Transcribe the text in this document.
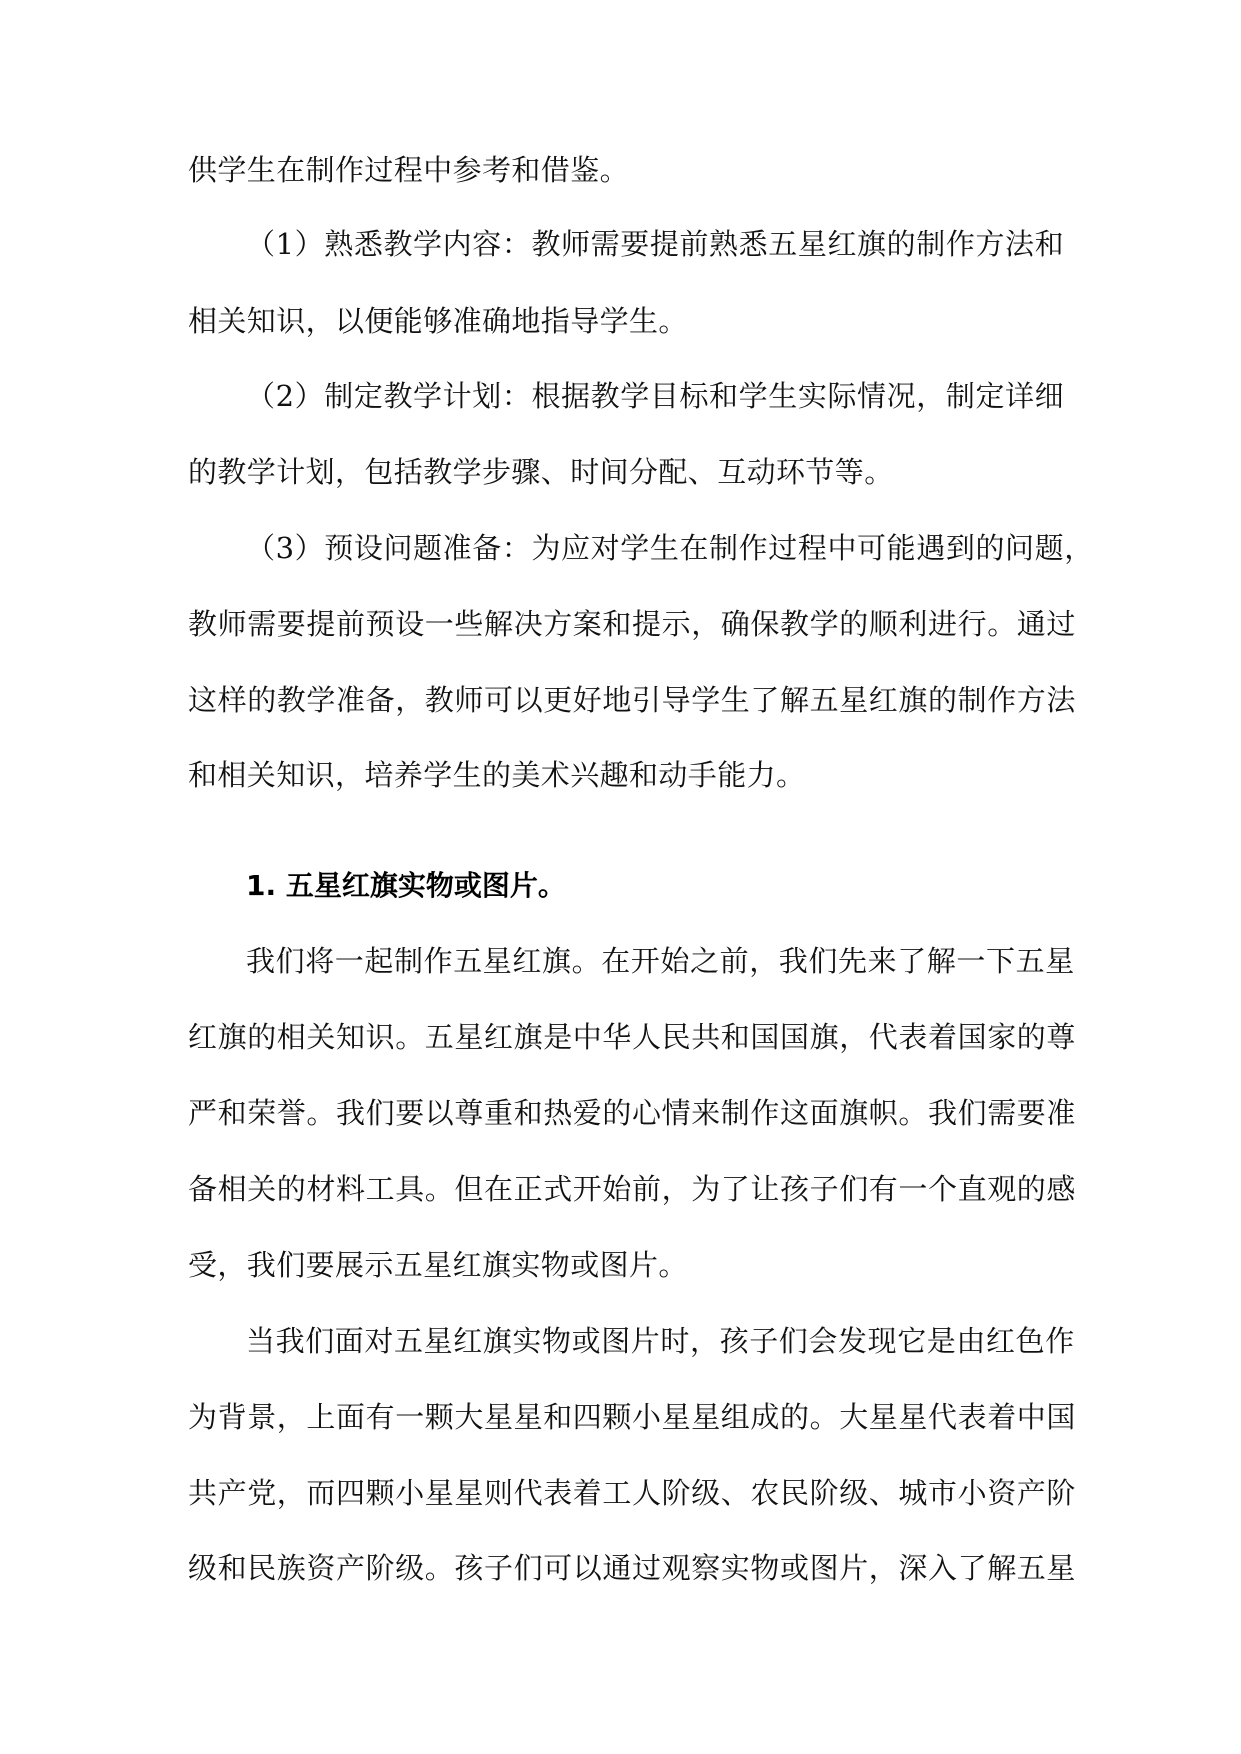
供学生在制作过程中参考和借鉴。
（1）熟悉教学内容：教师需要提前熟悉五星红旗的制作方法和
相关知识，以便能够准确地指导学生。
（2）制定教学计划：根据教学目标和学生实际情况，制定详细
的教学计划，包括教学步骤、时间分配、互动环节等。
（3）预设问题准备：为应对学生在制作过程中可能遇到的问题，
教师需要提前预设一些解决方案和提示，确保教学的顺利进行。通过
这样的教学准备，教师可以更好地引导学生了解五星红旗的制作方法
和相关知识，培养学生的美术兴趣和动手能力。
1. 五星红旗实物或图片。
我们将一起制作五星红旗。在开始之前，我们先来了解一下五星
红旗的相关知识。五星红旗是中华人民共和国国旗，代表着国家的尊
严和荣誉。我们要以尊重和热爱的心情来制作这面旗帜。我们需要准
备相关的材料工具。但在正式开始前，为了让孩子们有一个直观的感
受，我们要展示五星红旗实物或图片。
当我们面对五星红旗实物或图片时，孩子们会发现它是由红色作
为背景，上面有一颗大星星和四颗小星星组成的。大星星代表着中国
共产党，而四颗小星星则代表着工人阶级、农民阶级、城市小资产阶
级和民族资产阶级。孩子们可以通过观察实物或图片，深入了解五星
